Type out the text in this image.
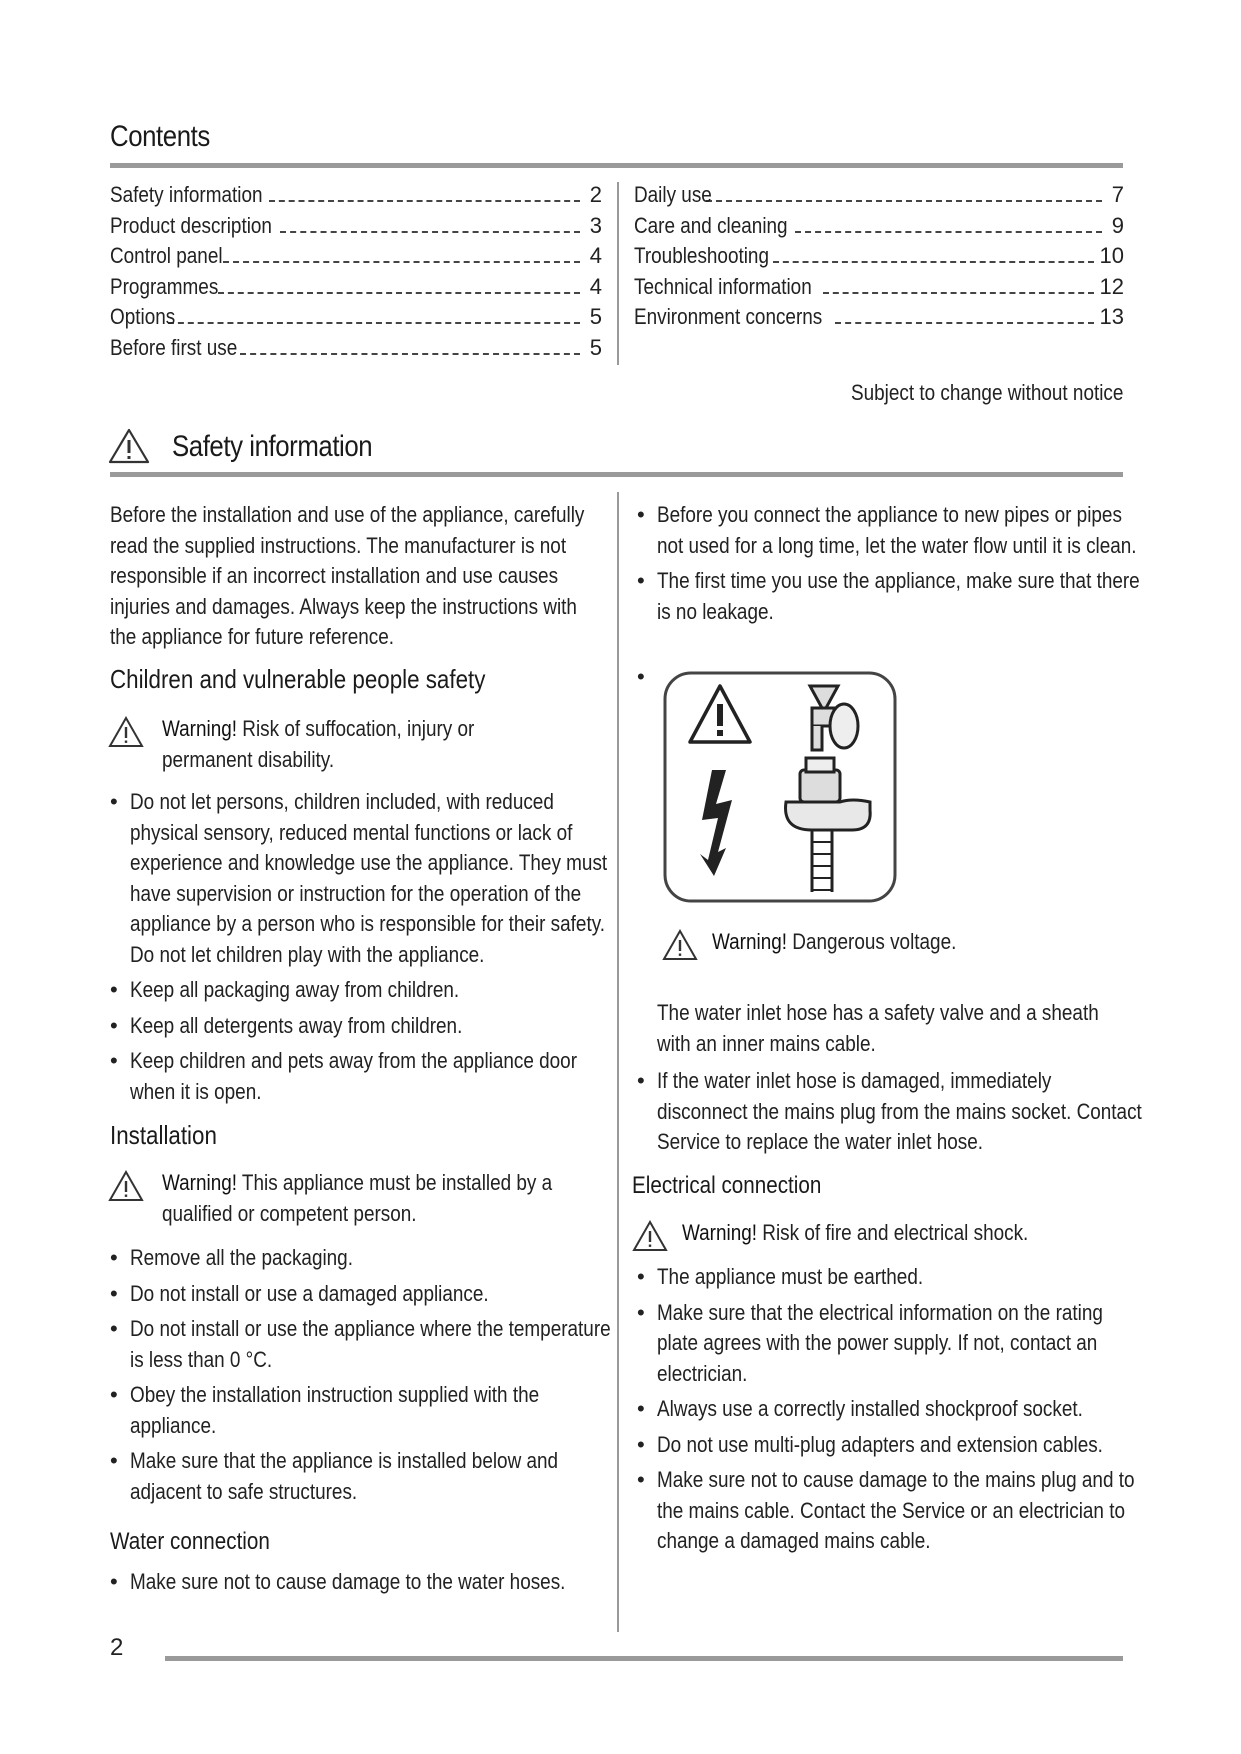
Contents
Safety information	2
Product description	3
Control panel	4
Programmes	4
Options	5
Before first use	5
Daily use	7
Care and cleaning	9
Troubleshooting	10
Technical information	12
Environment concerns	13
Subject to change without notice
Safety information
Before the installation and use of the appliance, carefully read the supplied instructions. The manufacturer is not responsible if an incorrect installation and use causes injuries and damages. Always keep the instructions with the appliance for future reference.
Children and vulnerable people safety
Warning! Risk of suffocation, injury or permanent disability.
• Do not let persons, children included, with reduced physical sensory, reduced mental functions or lack of experience and knowledge use the appliance. They must have supervision or instruction for the operation of the appliance by a person who is responsible for their safety. Do not let children play with the appliance.
• Keep all packaging away from children.
• Keep all detergents away from children.
• Keep children and pets away from the appliance door when it is open.
Installation
Warning! This appliance must be installed by a qualified or competent person.
• Remove all the packaging.
• Do not install or use a damaged appliance.
• Do not install or use the appliance where the temperature is less than 0 °C.
• Obey the installation instruction supplied with the appliance.
• Make sure that the appliance is installed below and adjacent to safe structures.
Water connection
• Make sure not to cause damage to the water hoses.
• Before you connect the appliance to new pipes or pipes not used for a long time, let the water flow until it is clean.
• The first time you use the appliance, make sure that there is no leakage.
•
Warning! Dangerous voltage.
The water inlet hose has a safety valve and a sheath with an inner mains cable.
• If the water inlet hose is damaged, immediately disconnect the mains plug from the mains socket. Contact Service to replace the water inlet hose.
Electrical connection
Warning! Risk of fire and electrical shock.
• The appliance must be earthed.
• Make sure that the electrical information on the rating plate agrees with the power supply. If not, contact an electrician.
• Always use a correctly installed shockproof socket.
• Do not use multi-plug adapters and extension cables.
• Make sure not to cause damage to the mains plug and to the mains cable. Contact the Service or an electrician to change a damaged mains cable.
2
